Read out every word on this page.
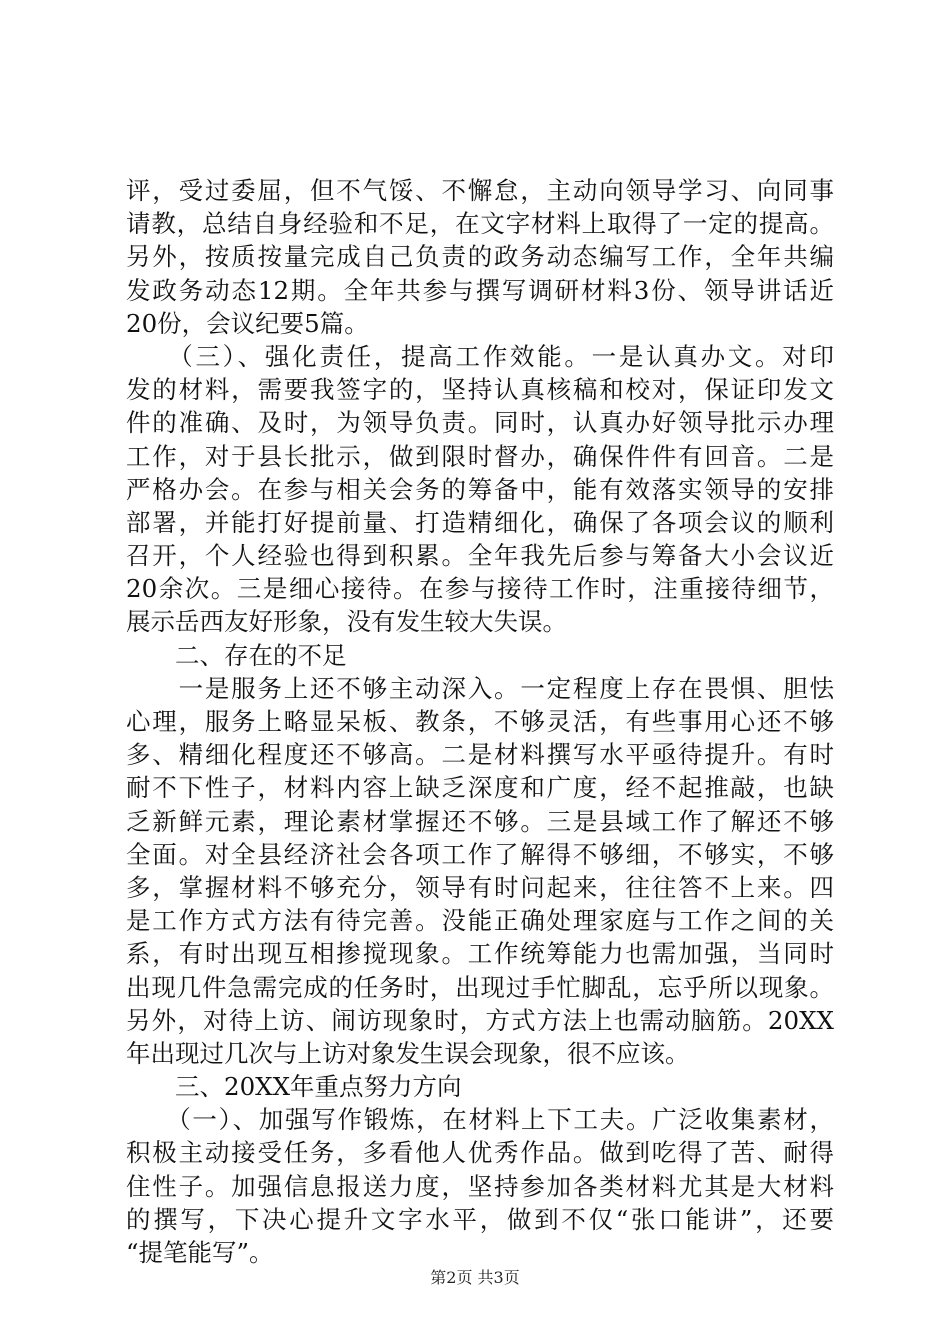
评，受过委屈，但不气馁、不懈怠，主动向领导学习、向同事
请教，总结自身经验和不足，在文字材料上取得了一定的提高。
另外，按质按量完成自己负责的政务动态编写工作，全年共编
发政务动态12期。全年共参与撰写调研材料3份、领导讲话近
20份，会议纪要5篇。
　　（三）、强化责任，提高工作效能。一是认真办文。对印
发的材料，需要我签字的，坚持认真核稿和校对，保证印发文
件的准确、及时，为领导负责。同时，认真办好领导批示办理
工作，对于县长批示，做到限时督办，确保件件有回音。二是
严格办会。在参与相关会务的筹备中，能有效落实领导的安排
部署，并能打好提前量、打造精细化，确保了各项会议的顺利
召开，个人经验也得到积累。全年我先后参与筹备大小会议近
20余次。三是细心接待。在参与接待工作时，注重接待细节，
展示岳西友好形象，没有发生较大失误。
　　二、存在的不足
　　一是服务上还不够主动深入。一定程度上存在畏惧、胆怯
心理，服务上略显呆板、教条，不够灵活，有些事用心还不够
多、精细化程度还不够高。二是材料撰写水平亟待提升。有时
耐不下性子，材料内容上缺乏深度和广度，经不起推敲，也缺
乏新鲜元素，理论素材掌握还不够。三是县域工作了解还不够
全面。对全县经济社会各项工作了解得不够细，不够实，不够
多，掌握材料不够充分，领导有时问起来，往往答不上来。四
是工作方式方法有待完善。没能正确处理家庭与工作之间的关
系，有时出现互相掺搅现象。工作统筹能力也需加强，当同时
出现几件急需完成的任务时，出现过手忙脚乱，忘乎所以现象。
另外，对待上访、闹访现象时，方式方法上也需动脑筋。20XX
年出现过几次与上访对象发生误会现象，很不应该。
　　三、20XX年重点努力方向
　　（一）、加强写作锻炼，在材料上下工夫。广泛收集素材，
积极主动接受任务，多看他人优秀作品。做到吃得了苦、耐得
住性子。加强信息报送力度，坚持参加各类材料尤其是大材料
的撰写，下决心提升文字水平，做到不仅“张口能讲”，还要
“提笔能写”。
第2页 共3页
